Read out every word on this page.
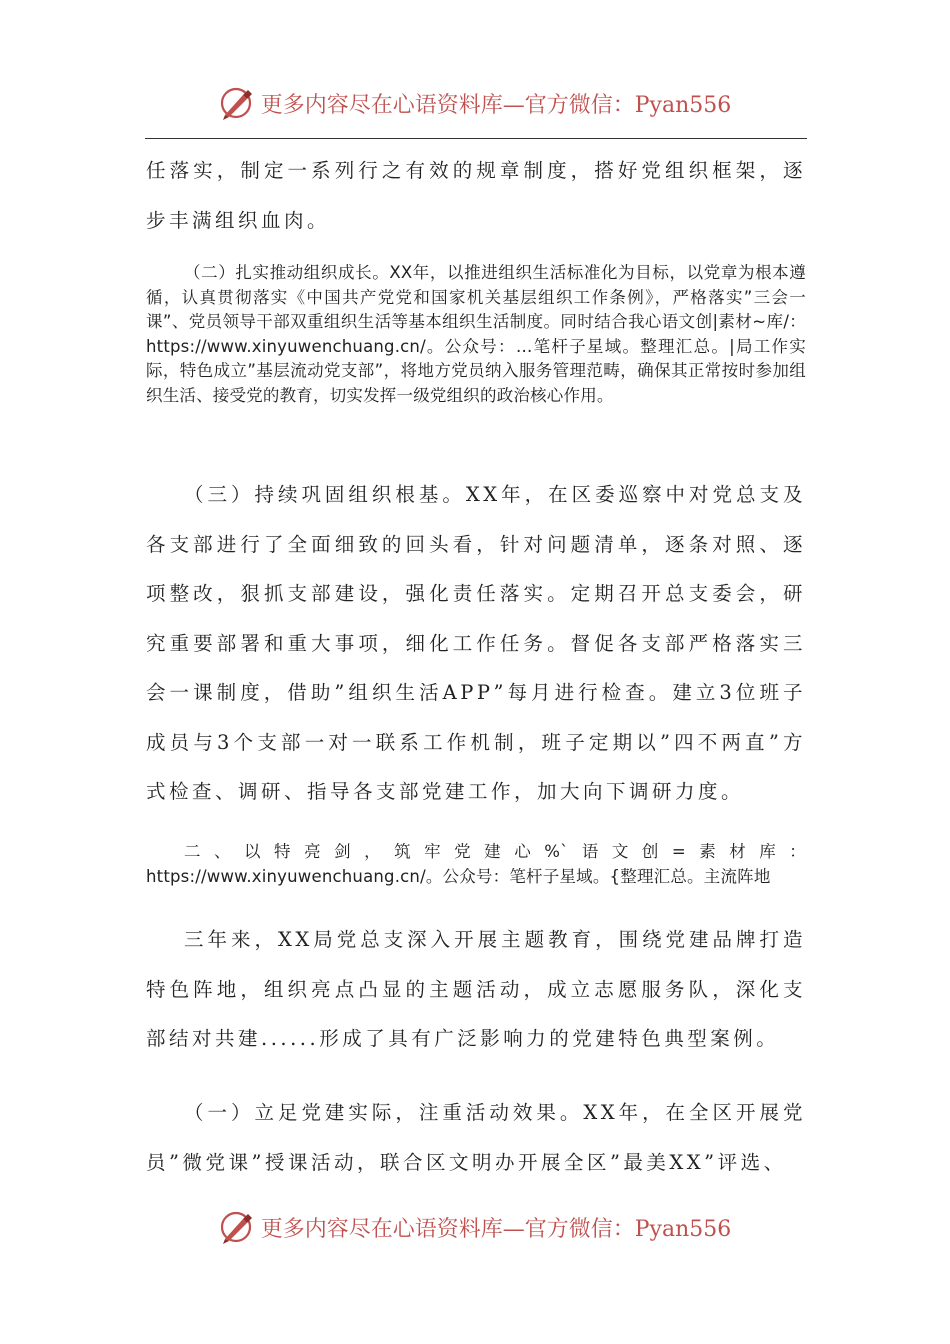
更多内容尽在心语资料库—官方微信：Pyan556

任落实，制定一系列行之有效的规章制度，搭好党组织框架，逐步丰满组织血肉。

（二）扎实推动组织成长。XX年，以推进组织生活标准化为目标，以党章为根本遵循，认真贯彻落实《中国共产党党和国家机关基层组织工作条例》，严格落实”三会一课”、党员领导干部双重组织生活等基本组织生活制度。同时结合我心语文创|素材~库/：https://www.xinyuwenchuang.cn/。公众号：…笔杆子星域。整理汇总。|局工作实际，特色成立”基层流动党支部”，将地方党员纳入服务管理范畴，确保其正常按时参加组织生活、接受党的教育，切实发挥一级党组织的政治核心作用。

（三）持续巩固组织根基。XX年，在区委巡察中对党总支及各支部进行了全面细致的回头看，针对问题清单，逐条对照、逐项整改，狠抓支部建设，强化责任落实。定期召开总支委会，研究重要部署和重大事项，细化工作任务。督促各支部严格落实三会一课制度，借助”组织生活APP”每月进行检查。建立3位班子成员与3个支部一对一联系工作机制，班子定期以”四不两直”方式检查、调研、指导各支部党建工作，加大向下调研力度。

二、以特亮剑，筑牢党建心%`语文创=素材库：https://www.xinyuwenchuang.cn/。公众号：笔杆子星域。{整理汇总。主流阵地

三年来，XX局党总支深入开展主题教育，围绕党建品牌打造特色阵地，组织亮点凸显的主题活动，成立志愿服务队，深化支部结对共建......形成了具有广泛影响力的党建特色典型案例。

（一）立足党建实际，注重活动效果。XX年，在全区开展党员”微党课”授课活动，联合区文明办开展全区”最美XX”评选、

更多内容尽在心语资料库—官方微信：Pyan556
